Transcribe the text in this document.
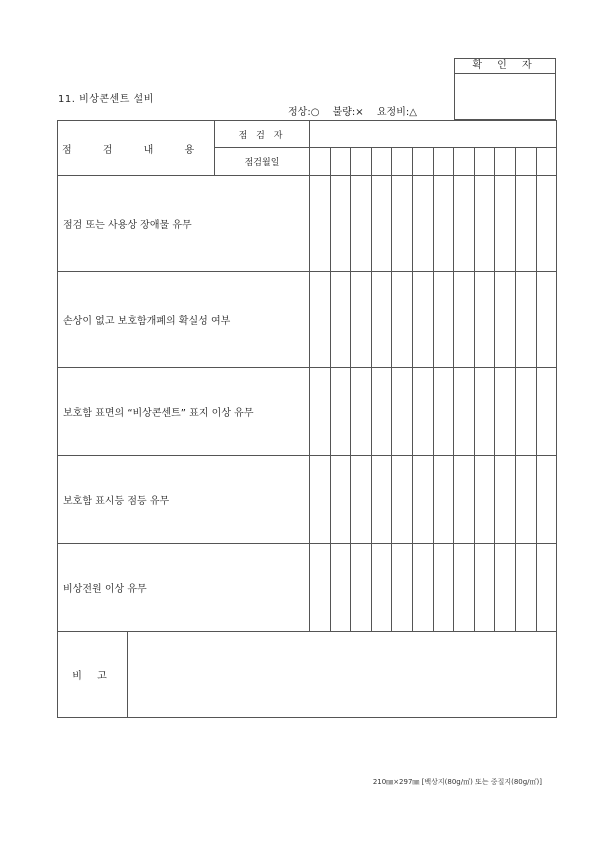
11. 비상콘센트 설비
정상:○ 불량:× 요정비:△
확 인 자
점 검 내 용		점 검 자												
		점검월일												
점검 또는 사용상 장애물 유무														
손상이 없고 보호함개폐의 확실성 여부														
보호함 표면의 “비상콘센트” 표지 이상 유무														
보호함 표시등 점등 유무														
비상전원 이상 유무														
비 고														
210㎜×297㎜ [백상지(80g/㎡) 또는 중질지(80g/㎡)]
